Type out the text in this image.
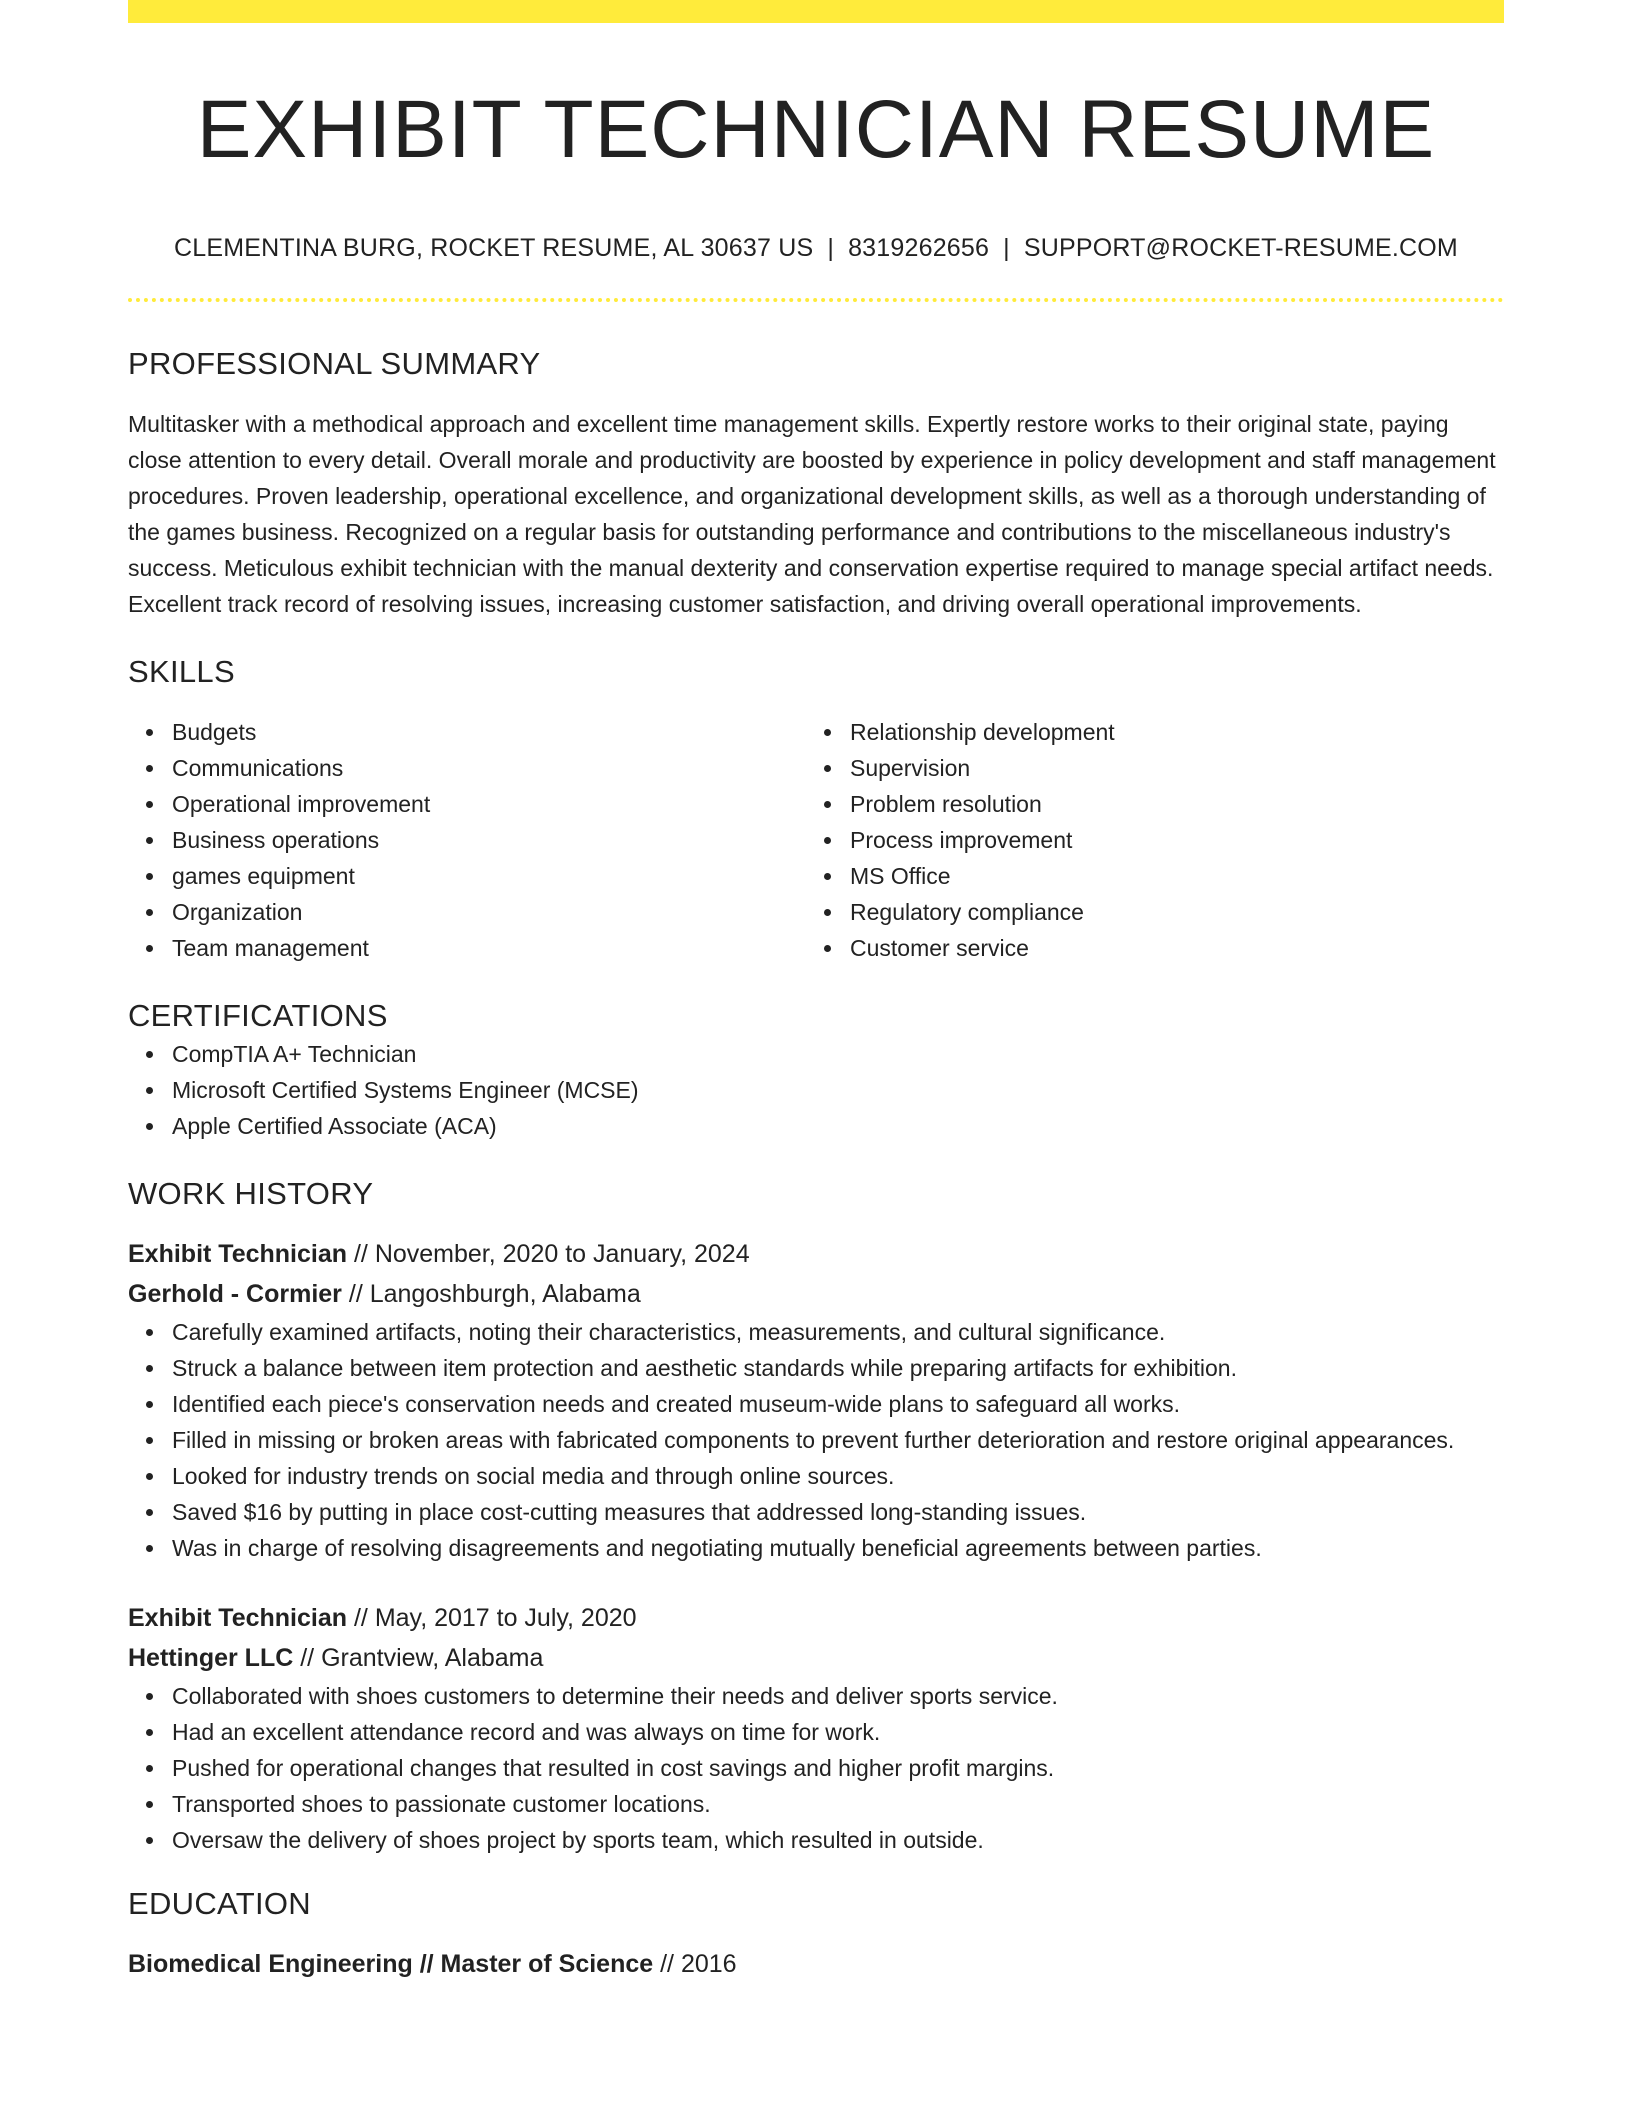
EXHIBIT TECHNICIAN RESUME
CLEMENTINA BURG, ROCKET RESUME, AL 30637 US | 8319262656 | SUPPORT@ROCKET-RESUME.COM
PROFESSIONAL SUMMARY
Multitasker with a methodical approach and excellent time management skills. Expertly restore works to their original state, paying close attention to every detail. Overall morale and productivity are boosted by experience in policy development and staff management procedures. Proven leadership, operational excellence, and organizational development skills, as well as a thorough understanding of the games business. Recognized on a regular basis for outstanding performance and contributions to the miscellaneous industry's success. Meticulous exhibit technician with the manual dexterity and conservation expertise required to manage special artifact needs. Excellent track record of resolving issues, increasing customer satisfaction, and driving overall operational improvements.
SKILLS
Budgets
Communications
Operational improvement
Business operations
games equipment
Organization
Team management
Relationship development
Supervision
Problem resolution
Process improvement
MS Office
Regulatory compliance
Customer service
CERTIFICATIONS
CompTIA A+ Technician
Microsoft Certified Systems Engineer (MCSE)
Apple Certified Associate (ACA)
WORK HISTORY
Exhibit Technician // November, 2020 to January, 2024
Gerhold - Cormier // Langoshburgh, Alabama
Carefully examined artifacts, noting their characteristics, measurements, and cultural significance.
Struck a balance between item protection and aesthetic standards while preparing artifacts for exhibition.
Identified each piece's conservation needs and created museum-wide plans to safeguard all works.
Filled in missing or broken areas with fabricated components to prevent further deterioration and restore original appearances.
Looked for industry trends on social media and through online sources.
Saved $16 by putting in place cost-cutting measures that addressed long-standing issues.
Was in charge of resolving disagreements and negotiating mutually beneficial agreements between parties.
Exhibit Technician // May, 2017 to July, 2020
Hettinger LLC // Grantview, Alabama
Collaborated with shoes customers to determine their needs and deliver sports service.
Had an excellent attendance record and was always on time for work.
Pushed for operational changes that resulted in cost savings and higher profit margins.
Transported shoes to passionate customer locations.
Oversaw the delivery of shoes project by sports team, which resulted in outside.
EDUCATION
Biomedical Engineering // Master of Science // 2016
